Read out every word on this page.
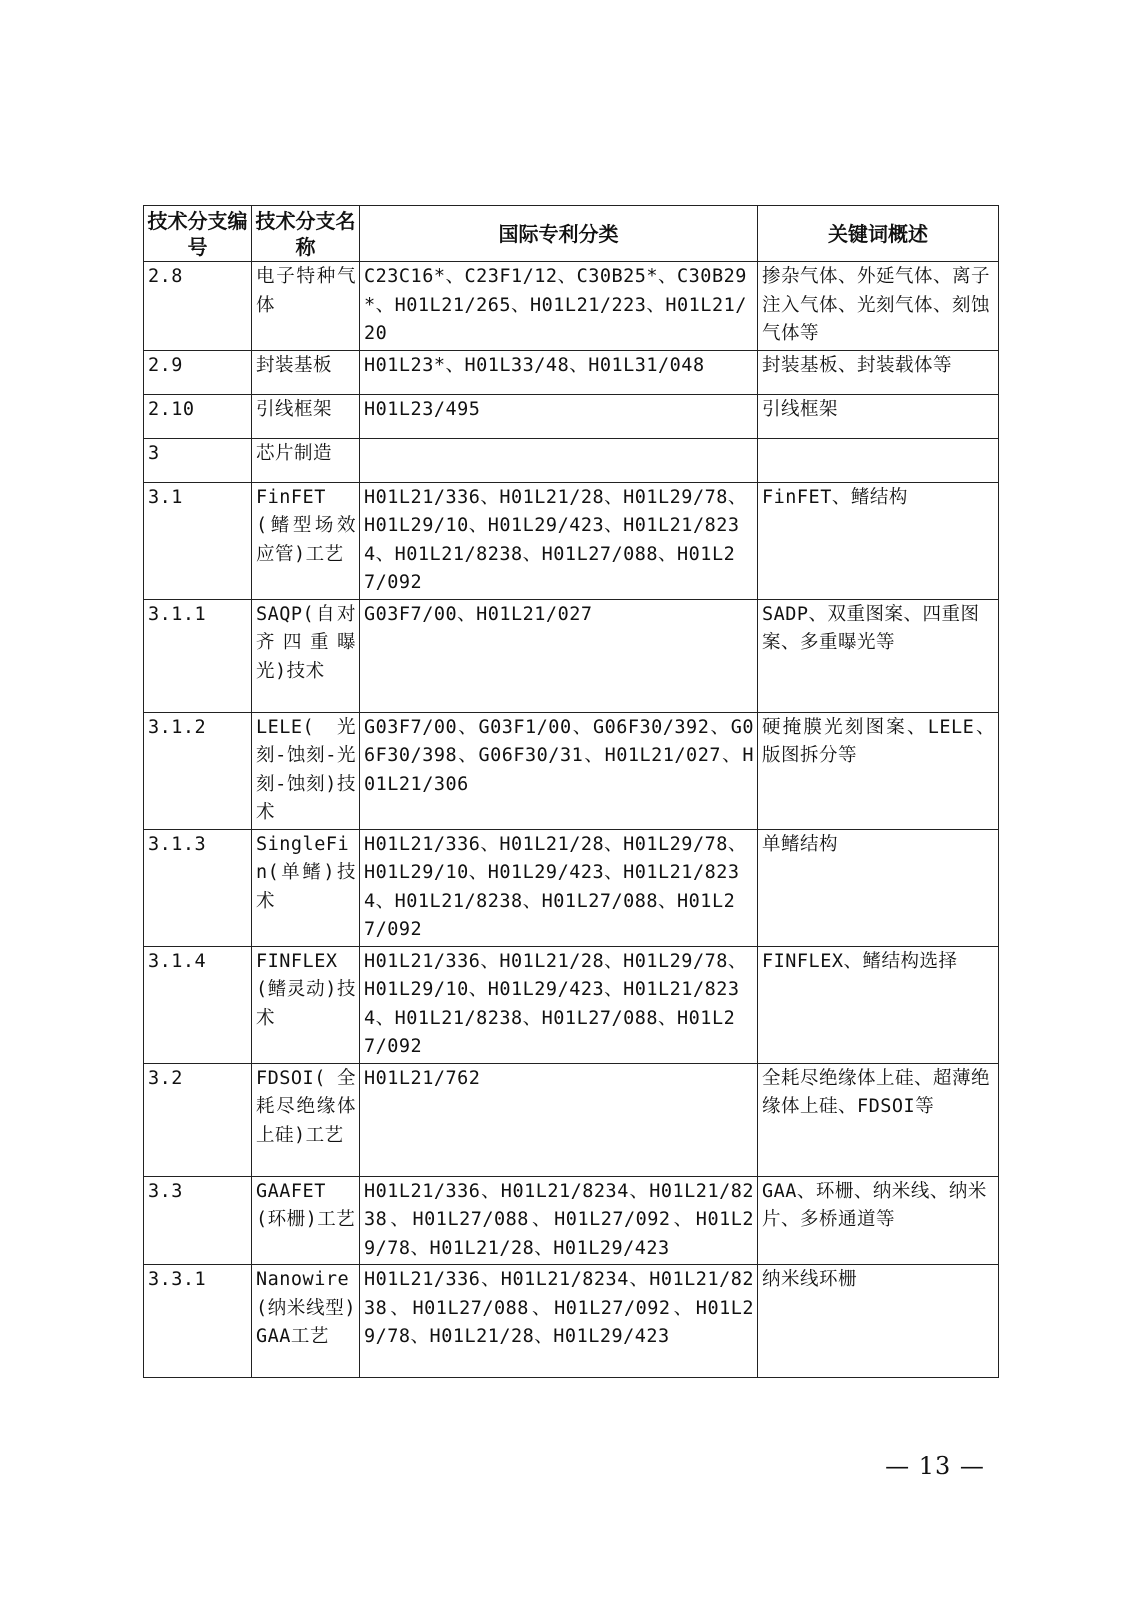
技术分支编号	技术分支名称	国际专利分类	关键词概述
2.8	电子特种气体	C23C16*、C23F1/12、C30B25*、C30B29*、H01L21/265、H01L21/223、H01L21/20	掺杂气体、外延气体、离子注入气体、光刻气体、刻蚀气体等
2.9	封装基板	H01L23*、H01L33/48、H01L31/048	封装基板、封装载体等
2.10	引线框架	H01L23/495	引线框架
3	芯片制造		
3.1	FinFET(鳍型场效应管)工艺	H01L21/336、H01L21/28、H01L29/78、H01L29/10、H01L29/423、H01L21/8234、H01L21/8238、H01L27/088、H01L27/092	FinFET、鳍结构
3.1.1	SAQP(自对齐四重曝光)技术	G03F7/00、H01L21/027	SADP、双重图案、四重图案、多重曝光等
3.1.2	LELE(光刻-蚀刻-光刻-蚀刻)技术	G03F7/00、G03F1/00、G06F30/392、G06F30/398、G06F30/31、H01L21/027、H01L21/306	硬掩膜光刻图案、LELE、版图拆分等
3.1.3	SingleFin(单鳍)技术	H01L21/336、H01L21/28、H01L29/78、H01L29/10、H01L29/423、H01L21/8234、H01L21/8238、H01L27/088、H01L27/092	单鳍结构
3.1.4	FINFLEX(鳍灵动)技术	H01L21/336、H01L21/28、H01L29/78、H01L29/10、H01L29/423、H01L21/8234、H01L21/8238、H01L27/088、H01L27/092	FINFLEX、鳍结构选择
3.2	FDSOI(全耗尽绝缘体上硅)工艺	H01L21/762	全耗尽绝缘体上硅、超薄绝缘体上硅、FDSOI等
3.3	GAAFET(环栅)工艺	H01L21/336、H01L21/8234、H01L21/8238、H01L27/088、H01L27/092、H01L29/78、H01L21/28、H01L29/423	GAA、环栅、纳米线、纳米片、多桥通道等
3.3.1	Nanowire(纳米线型)GAA工艺	H01L21/336、H01L21/8234、H01L21/8238、H01L27/088、H01L27/092、H01L29/78、H01L21/28、H01L29/423	纳米线环栅
— 13 —
